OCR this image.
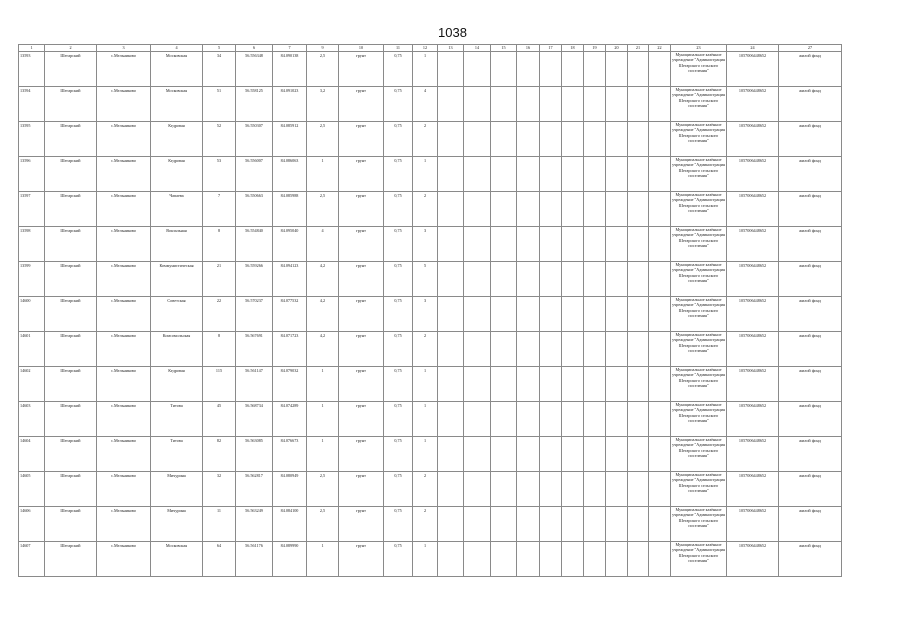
1038
1	2	3	4	5	6	7	9	10	11	12	13	14	15	16	17	18	19	20	21	22	23	24	27
13593	Шегарский	с.Мельниково	Московская	34	56.556348	84.090138	2,5	грунт	0,75	1											Муниципальное казённое учреждение "Администрация Шегарского сельского поселения"	1057006448652	жилой фонд
13594	Шегарский	с.Мельниково	Московская	51	56.558125	84.091023	3,2	грунт	0,75	4											Муниципальное казённое учреждение "Администрация Шегарского сельского поселения"	1057006448652	жилой фонд
13595	Шегарский	с.Мельниково	Кедровая	52	56.550307	84.085912	2,5	грунт	0,75	2											Муниципальное казённое учреждение "Администрация Шегарского сельского поселения"	1057006448652	жилой фонд
13596	Шегарский	с.Мельниково	Кедровая	53	56.556007	84.086063	1	грунт	0,75	1											Муниципальное казённое учреждение "Администрация Шегарского сельского поселения"	1057006448652	жилой фонд
13597	Шегарский	с.Мельниково	Чапаева	7	56.550663	84.085988	2,5	грунт	0,75	2											Муниципальное казённое учреждение "Администрация Шегарского сельского поселения"	1057006448652	жилой фонд
13598	Шегарский	с.Мельниково	Вокзальная	8	56.554840	84.095040	4	грунт	0,75	3											Муниципальное казённое учреждение "Администрация Шегарского сельского поселения"	1057006448652	жилой фонд
13599	Шегарский	с.Мельниково	Коммунистическая	21	56.559266	84.094123	4,2	грунт	0,75	5											Муниципальное казённое учреждение "Администрация Шегарского сельского поселения"	1057006448652	жилой фонд
14600	Шегарский	с.Мельниково	Советская	22	56.570237	84.077532	4,2	грунт	0,75	3											Муниципальное казённое учреждение "Администрация Шегарского сельского поселения"	1057006448652	жилой фонд
14601	Шегарский	с.Мельниково	Комсомольская	8	56.567691	84.071723	4,2	грунт	0,75	2											Муниципальное казённое учреждение "Администрация Шегарского сельского поселения"	1057006448652	жилой фонд
14602	Шегарский	с.Мельниково	Кедровая	115	56.561147	84.079032	1	грунт	0,75	1											Муниципальное казённое учреждение "Администрация Шегарского сельского поселения"	1057006448652	жилой фонд
14603	Шегарский	с.Мельниково	Титова	45	56.568734	84.074289	1	грунт	0,75	1											Муниципальное казённое учреждение "Администрация Шегарского сельского поселения"	1057006448652	жилой фонд
14604	Шегарский	с.Мельниково	Титова	82	56.563085	84.076673	1	грунт	0,75	1											Муниципальное казённое учреждение "Администрация Шегарского сельского поселения"	1057006448652	жилой фонд
14605	Шегарский	с.Мельниково	Мичурина	32	56.562817	84.080949	2,5	грунт	0,75	2											Муниципальное казённое учреждение "Администрация Шегарского сельского поселения"	1057006448652	жилой фонд
14606	Шегарский	с.Мельниково	Мичурина	11	56.563249	84.084100	2,5	грунт	0,75	2											Муниципальное казённое учреждение "Администрация Шегарского сельского поселения"	1057006448652	жилой фонд
14607	Шегарский	с.Мельниково	Московская	64	56.561176	84.089990	1	грунт	0,75	1											Муниципальное казённое учреждение "Администрация Шегарского сельского поселения"	1057006448652	жилой фонд
